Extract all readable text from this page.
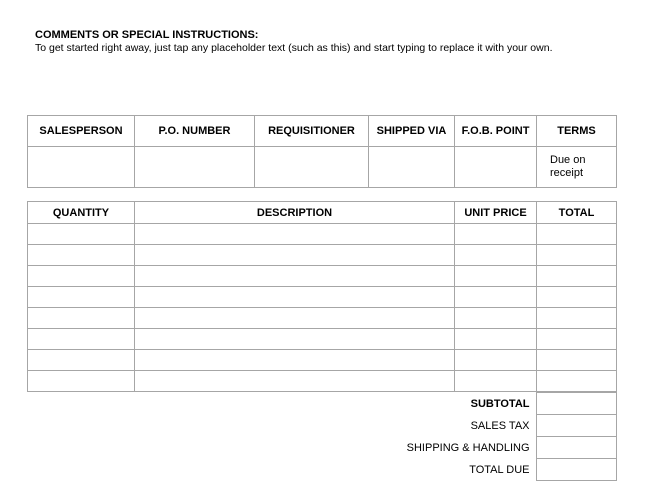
COMMENTS OR SPECIAL INSTRUCTIONS:
To get started right away, just tap any placeholder text (such as this) and start typing to replace it with your own.
SALESPERSON	P.O. NUMBER	REQUISITIONER	SHIPPED VIA	F.O.B. POINT	TERMS

					Due on receipt
QUANTITY	DESCRIPTION	UNIT PRICE	TOTAL

SUBTOTAL	
SALES TAX	
SHIPPING & HANDLING	
TOTAL DUE	
